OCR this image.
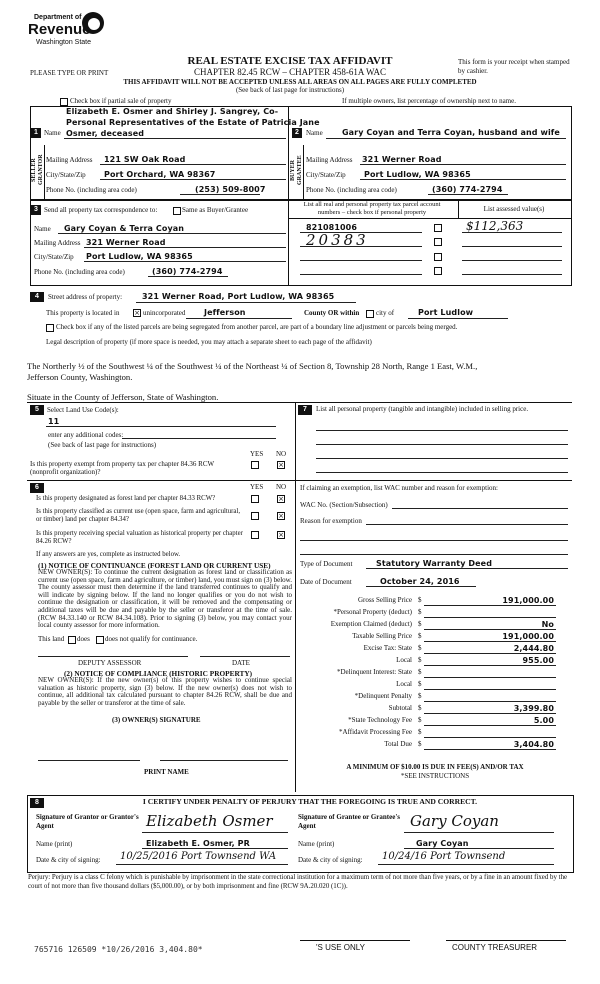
Department of
Revenue
Washington State
REAL ESTATE EXCISE TAX AFFIDAVIT
CHAPTER 82.45 RCW – CHAPTER 458-61A WAC
This form is your receipt when stamped by cashier.
PLEASE TYPE OR PRINT
THIS AFFIDAVIT WILL NOT BE ACCEPTED UNLESS ALL AREAS ON ALL PAGES ARE FULLY COMPLETED
(See back of last page for instructions)
Check box if partial sale of property	If multiple owners, list percentage of ownership next to name.
1 Name
Elizabeth E. Osmer and Shirley J. Sangrey, Co-
Personal Representatives of the Estate of Patricia Jane
Osmer, deceased
SELLER GRANTOR Mailing Address 121 SW Oak Road
City/State/Zip Port Orchard, WA 98367
Phone No. (including area code)	(253) 509-8007
2	Name Gary Coyan and Terra Coyan, husband and wife
BUYER GRANTEE Mailing Address 321 Werner Road
City/State/Zip Port Ludlow, WA 98365
Phone No. (including area code)	(360) 774-2794
3 Send all property tax correspondence to:	Same as Buyer/Grantee
Name Gary Coyan & Terra Coyan
Mailing Address 321 Werner Road
City/State/Zip Port Ludlow, WA 98365
Phone No. (including area code)	(360) 774-2794
List all real and personal property tax parcel account numbers – check box if personal property	List assessed value(s)
821081006	$112,363
20383
4	Street address of property: 321 Werner Road, Port Ludlow, WA 98365
This property is located in × unincorporated Jefferson	County OR within city of	Port Ludlow
Check box if any of the listed parcels are being segregated from another parcel, are part of a boundary line adjustment or parcels being merged.
Legal description of property (if more space is needed, you may attach a separate sheet to each page of the affidavit)
The Northerly ½ of the Southwest ¼ of the Southwest ¼ of the Northeast ¼ of Section 8, Township 28 North, Range 1 East, W.M.,
Jefferson County, Washington.
Situate in the County of Jefferson, State of Washington.
5	Select Land Use Code(s):
11
enter any additional codes:
(See back of last page for instructions)
YES NO
Is this property exempt from property tax per chapter 84.36 RCW (nonprofit organization)?
×
6	YES NO
Is this property designated as forest land per chapter 84.33 RCW?	×
Is this property classified as current use (open space, farm and agricultural, or timber) land per chapter 84.34?	×
Is this property receiving special valuation as historical property per chapter 84.26 RCW?
×
If any answers are yes, complete as instructed below.
(1) NOTICE OF CONTINUANCE (FOREST LAND OR CURRENT USE)
NEW OWNER(S): To continue the current designation as forest land or classification as current use (open space, farm and agriculture, or timber) land, you must sign on (3) below. The county assessor must then determine if the land transferred continues to qualify and will indicate by signing below. If the land no longer qualifies or you do not wish to continue the designation or classification, it will be removed and the compensating or additional taxes will be due and payable by the seller or transferor at the time of sale. (RCW 84.33.140 or RCW 84.34.108). Prior to signing (3) below, you may contact your local county assessor for more information.
This land does does not qualify for continuance.
DEPUTY ASSESSOR	DATE
(2) NOTICE OF COMPLIANCE (HISTORIC PROPERTY)
NEW OWNER(S): If the new owner(s) of this property wishes to continue special valuation as historic property, sign (3) below. If the new owner(s) does not wish to continue, all additional tax calculated pursuant to chapter 84.26 RCW, shall be due and payable by the seller or transferor at the time of sale.
(3) OWNER(S) SIGNATURE
PRINT NAME
7	List all personal property (tangible and intangible) included in selling price.
If claiming an exemption, list WAC number and reason for exemption:
WAC No. (Section/Subsection)
Reason for exemption
Type of Document	Statutory Warranty Deed
Date of Document	October 24, 2016
Gross Selling Price $	191,000.00
*Personal Property (deduct) $
Exemption Claimed (deduct) $	No
Taxable Selling Price $	191,000.00
Excise Tax: State $	2,444.80
Local $	955.00
*Delinquent Interest: State $
Local $
*Delinquent Penalty $
Subtotal $	3,399.80
*State Technology Fee $	5.00
*Affidavit Processing Fee $
Total Due $	3,404.80
A MINIMUM OF $10.00 IS DUE IN FEE(S) AND/OR TAX
*SEE INSTRUCTIONS
8	I CERTIFY UNDER PENALTY OF PERJURY THAT THE FOREGOING IS TRUE AND CORRECT.
Signature of Grantor or Grantor's Agent	Elizabeth Osmer	Signature of Grantee or Grantee's Agent	Gary Coyan
Name (print)	Elizabeth E. Osmer, PR	Name (print)	Gary Coyan
Date & city of signing: 10/25/2016 Port Townsend WA	Date & city of signing: 10/24/16 Port Townsend
Perjury: Perjury is a class C felony which is punishable by imprisonment in the state correctional institution for a maximum term of not more than five years, or by a fine in an amount fixed by the court of not more than five thousand dollars ($5,000.00), or by both imprisonment and fine (RCW 9A.20.020 (1C)).
765716 126509 *10/26/2016 3,404.80*	'S USE ONLY	COUNTY TREASURER
